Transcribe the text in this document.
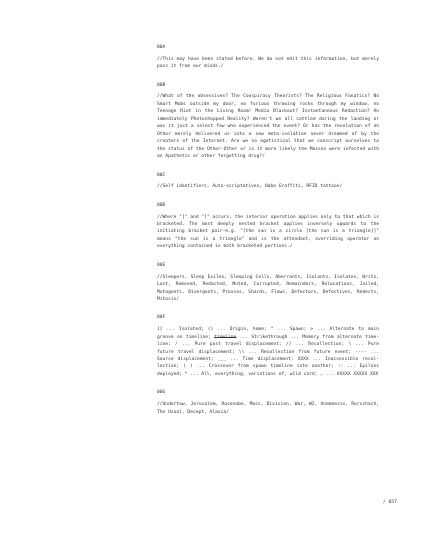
00A

//This may have been stated before. We do not edit this information, but merely pass it from our minds./

00B

//What of the obsessives? The Conspiracy Theorists? The Religious Fanatics? No Smart Mobs outside my door, no furious throwing rocks through my window, no Teenage Riot in the Living Room! Media Blackout? Instantaneous Redaction? An immediately Photoshopped Reality? Weren't we all cattled during the landing or was it just a select few who experienced the event? Or has the revelation of an Other merely delivered us into a new meta-isolation never dreamed of by the creators of the Internet. Are we so egotistical that we conscript ourselves to the status of the Other-Other or is it more likely the Masses were infected with an Apathetic or other forgetting drug?/

00C

//Self identifiers, Auto-scriptatives, Hobo Graffiti, RFID tattoos/

00D

//Where "[" and "]" occurs, the interior operation applies only to that which is bracketed. The most deeply nested bracket applies inversely upwards to the initiating bracket pair—e.g. "[the sun is a circle [the sun is a triangle]]" means "the sun is a triangle" and is the attendant, overriding operator on everything contained in both bracketed portions./

00E

//Sleepers, Sleep Exiles, Sleeping Cells, Aberrants, Isolants, Isolates, Writs, Lost, Removed, Redacted, Muted, Corrupted, Remainders, Relocations, Jailed, Mutagents, Divergents, Proxies, Shards, Flaws, Defectors, Defectives, Redects, Mitosis/

00F

][ ... Isolated; () ... Origin, home; ^ ... Spawn; > ... Alternate to main groove on timeline; timeline ... Strikethrough ... Memory from alternate time-line; / ... Pure past travel displacement; // ... Recollection; \ ... Pure future travel displacement; \\ ... Recollection from future event; ---- ... Source displacement; ___ ... Time displacement; XXXX ... Inaccessible recol-lection; ( ) ... Crossover from spawn timeline into another; :: ... Epilons deployed; * ... All, everything, variations of, wild card; , ... XXXXX XXXXX XXX

00G

//Undertow, Jerusalem, Rosenobe, Moss, Division, War, W2, Anamnesis, Rorschach, The Usual, Decept, Alaxia/

/ 057
